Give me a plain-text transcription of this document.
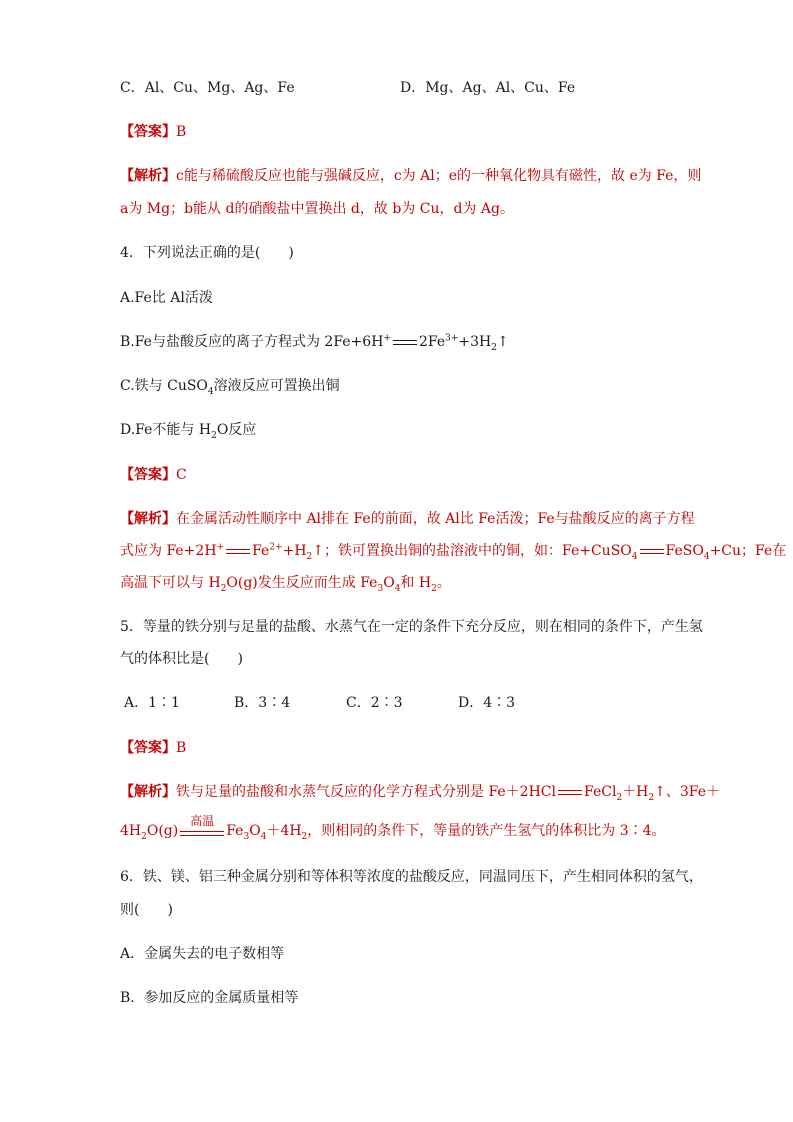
C．Al、Cu、Mg、Ag、Fe	D．Mg、Ag、Al、Cu、Fe
【答案】B
【解析】c能与稀硫酸反应也能与强碱反应，c为 Al；e的一种氧化物具有磁性，故 e为 Fe，则
a为 Mg；b能从 d的硝酸盐中置换出 d，故 b为 Cu，d为 Ag。
4．下列说法正确的是(　　)
A.Fe比 Al活泼
B.Fe与盐酸反应的离子方程式为 2Fe+6H+ $2Fe^{3+}+3H_2↑$
C.铁与 CuSO$_4$溶液反应可置换出铜
D.Fe不能与 $H_2O$反应
【答案】C
【解析】在金属活动性顺序中 Al排在 Fe的前面，故 Al比 Fe活泼；Fe与盐酸反应的离子方程
式应为 Fe+2H+ $Fe^{2+}+H_2↑$；铁可置换出铜的盐溶液中的铜，如：Fe+CuSO$_4$ FeSO$_4$+Cu；Fe在
高温下可以与 $H_2O(g)$发生反应而生成 $Fe_3O_4$和 $H_2$。
5．等量的铁分别与足量的盐酸、水蒸气在一定的条件下充分反应，则在相同的条件下，产生氢
气的体积比是(　　)
A．1∶1	B．3∶4	C．2∶3	D．4∶3
【答案】B
【解析】铁与足量的盐酸和水蒸气反应的化学方程式分别是 Fe＋2HCl $FeCl_2+H_2↑$、3Fe＋
$4H_2O(g)$
高温
$Fe_3O_4+4H_2$，则相同的条件下，等量的铁产生氢气的体积比为 3∶4。
6．铁、镁、铝三种金属分别和等体积等浓度的盐酸反应，同温同压下，产生相同体积的氢气，
则(　　)
A．金属失去的电子数相等
B．参加反应的金属质量相等
